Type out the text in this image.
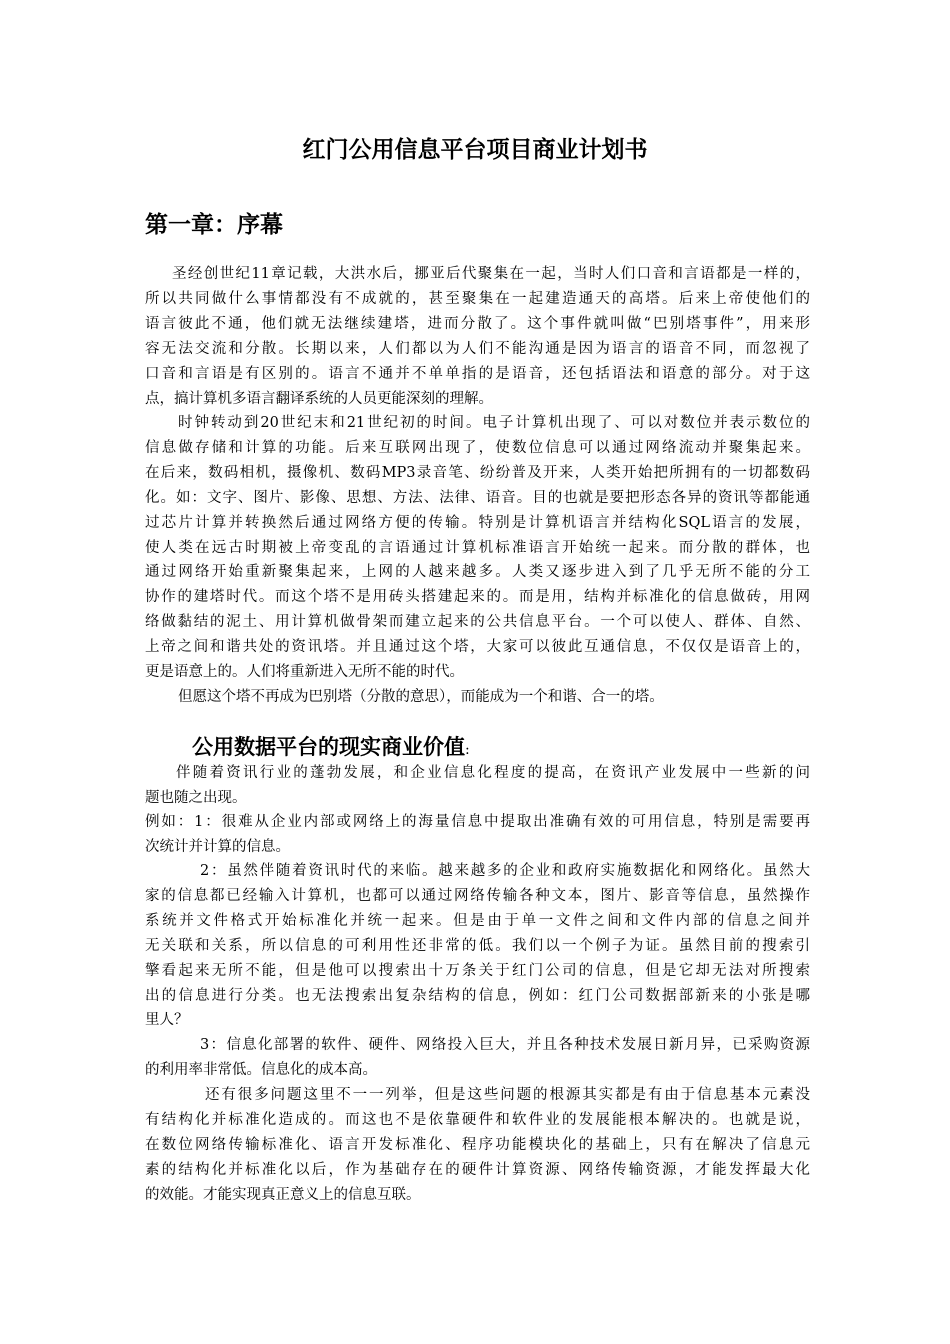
红门公用信息平台项目商业计划书
第一章：序幕
圣经创世纪11章记载，大洪水后，挪亚后代聚集在一起，当时人们口音和言语都是一样的，
所以共同做什么事情都没有不成就的，甚至聚集在一起建造通天的高塔。后来上帝使他们的
语言彼此不通，他们就无法继续建塔，进而分散了。这个事件就叫做“巴别塔事件”，用来形
容无法交流和分散。长期以来，人们都以为人们不能沟通是因为语言的语音不同，而忽视了
口音和言语是有区别的。语言不通并不单单指的是语音，还包括语法和语意的部分。对于这
点，搞计算机多语言翻译系统的人员更能深刻的理解。
时钟转动到20世纪末和21世纪初的时间。电子计算机出现了、可以对数位并表示数位的
信息做存储和计算的功能。后来互联网出现了，使数位信息可以通过网络流动并聚集起来。
在后来，数码相机，摄像机、数码MP3录音笔、纷纷普及开来，人类开始把所拥有的一切都数码
化。如：文字、图片、影像、思想、方法、法律、语音。目的也就是要把形态各异的资讯等都能通
过芯片计算并转换然后通过网络方便的传输。特别是计算机语言并结构化SQL语言的发展，
使人类在远古时期被上帝变乱的言语通过计算机标准语言开始统一起来。而分散的群体，也
通过网络开始重新聚集起来，上网的人越来越多。人类又逐步进入到了几乎无所不能的分工
协作的建塔时代。而这个塔不是用砖头搭建起来的。而是用，结构并标准化的信息做砖，用网
络做黏结的泥土、用计算机做骨架而建立起来的公共信息平台。一个可以使人、群体、自然、
上帝之间和谐共处的资讯塔。并且通过这个塔，大家可以彼此互通信息，不仅仅是语音上的，
更是语意上的。人们将重新进入无所不能的时代。
但愿这个塔不再成为巴别塔（分散的意思），而能成为一个和谐、合一的塔。
公用数据平台的现实商业价值:
伴随着资讯行业的蓬勃发展，和企业信息化程度的提高，在资讯产业发展中一些新的问
题也随之出现。
例如：1：很难从企业内部或网络上的海量信息中提取出准确有效的可用信息，特别是需要再
次统计并计算的信息。
2：虽然伴随着资讯时代的来临。越来越多的企业和政府实施数据化和网络化。虽然大
家的信息都已经输入计算机，也都可以通过网络传输各种文本，图片、影音等信息，虽然操作
系统并文件格式开始标准化并统一起来。但是由于单一文件之间和文件内部的信息之间并
无关联和关系，所以信息的可利用性还非常的低。我们以一个例子为证。虽然目前的搜索引
擎看起来无所不能，但是他可以搜索出十万条关于红门公司的信息，但是它却无法对所搜索
出的信息进行分类。也无法搜索出复杂结构的信息，例如：红门公司数据部新来的小张是哪
里人？
3：信息化部署的软件、硬件、网络投入巨大，并且各种技术发展日新月异，已采购资源
的利用率非常低。信息化的成本高。
还有很多问题这里不一一列举，但是这些问题的根源其实都是有由于信息基本元素没
有结构化并标准化造成的。而这也不是依靠硬件和软件业的发展能根本解决的。也就是说，
在数位网络传输标准化、语言开发标准化、程序功能模块化的基础上，只有在解决了信息元
素的结构化并标准化以后，作为基础存在的硬件计算资源、网络传输资源，才能发挥最大化
的效能。才能实现真正意义上的信息互联。
